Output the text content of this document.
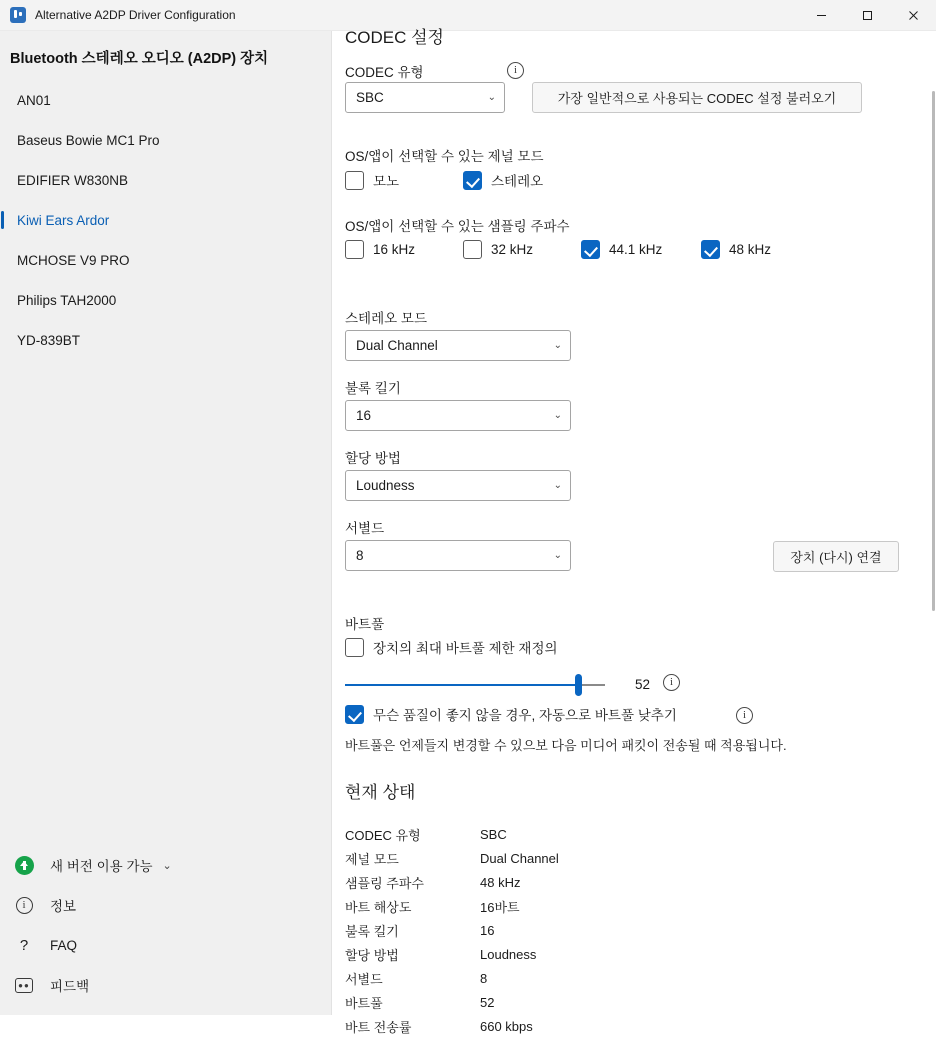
Alternative A2DP Driver Configuration
Bluetooth 스테레오 오디오 (A2DP) 장치
AN01
Baseus Bowie MC1 Pro
EDIFIER W830NB
Kiwi Ears Ardor
MCHOSE V9 PRO
Philips TAH2000
YD-839BT
새 버전 이용 가능 ⌄
i	정보
? FAQ
●● 피드백
CODEC 설정
CODEC 유형	i
SBC	⌄	가장 일반적으로 사용되는 CODEC 설정 불러오기
OS/앱이 선택할 수 있는 제널 모드
모노	스테레오
OS/앱이 선택할 수 있는 샘플링 주파수
16 kHz	32 kHz	44.1 kHz	48 kHz
스테레오 모드
Dual Channel	⌄
불록 킬기
16	⌄
할당 방법
Loudness	⌄
서별드
8	⌄	장치 (다시) 연결
바트풀
장치의 최대 바트풀 제한 재정의
52	i
무슨 품질이 좋지 않을 경우, 자동으로 바트풀 낮추기	i
바트풀은 언제들지 변경할 수 있으보 다음 미디어 패킷이 전송될 때 적용됩니다.
현재 상태
CODEC 유형	SBC
제널 모드	Dual Channel
샘플링 주파수	48 kHz
바트 해상도	16바트
불록 킬기	16
할당 방법	Loudness
서별드	8
바트풀	52
바트 전송률	660 kbps
